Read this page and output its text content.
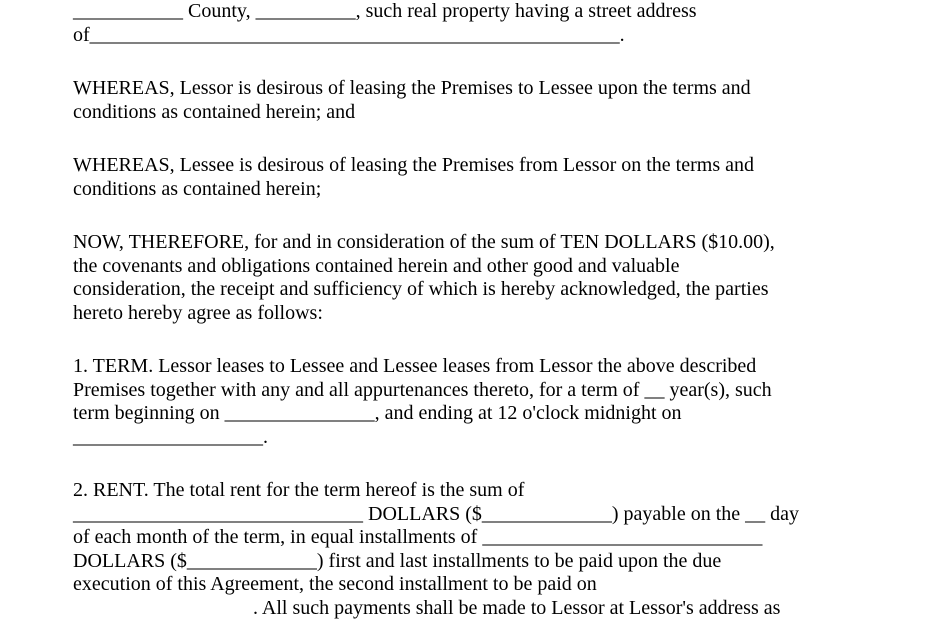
___________ County, __________, such real property having a street address
of_____________________________________________________.
WHEREAS, Lessor is desirous of leasing the Premises to Lessee upon the terms and
conditions as contained herein; and
WHEREAS, Lessee is desirous of leasing the Premises from Lessor on the terms and
conditions as contained herein;
NOW, THEREFORE, for and in consideration of the sum of TEN DOLLARS ($10.00),
the covenants and obligations contained herein and other good and valuable
consideration, the receipt and sufficiency of which is hereby acknowledged, the parties
hereto hereby agree as follows:
1. TERM. Lessor leases to Lessee and Lessee leases from Lessor the above described
Premises together with any and all appurtenances thereto, for a term of __ year(s), such
term beginning on _______________, and ending at 12 o'clock midnight on
___________________.
2. RENT. The total rent for the term hereof is the sum of
_____________________________ DOLLARS ($_____________) payable on the __ day
of each month of the term, in equal installments of ____________________________
DOLLARS ($_____________) first and last installments to be paid upon the due
execution of this Agreement, the second installment to be paid on
. All such payments shall be made to Lessor at Lessor's address as
